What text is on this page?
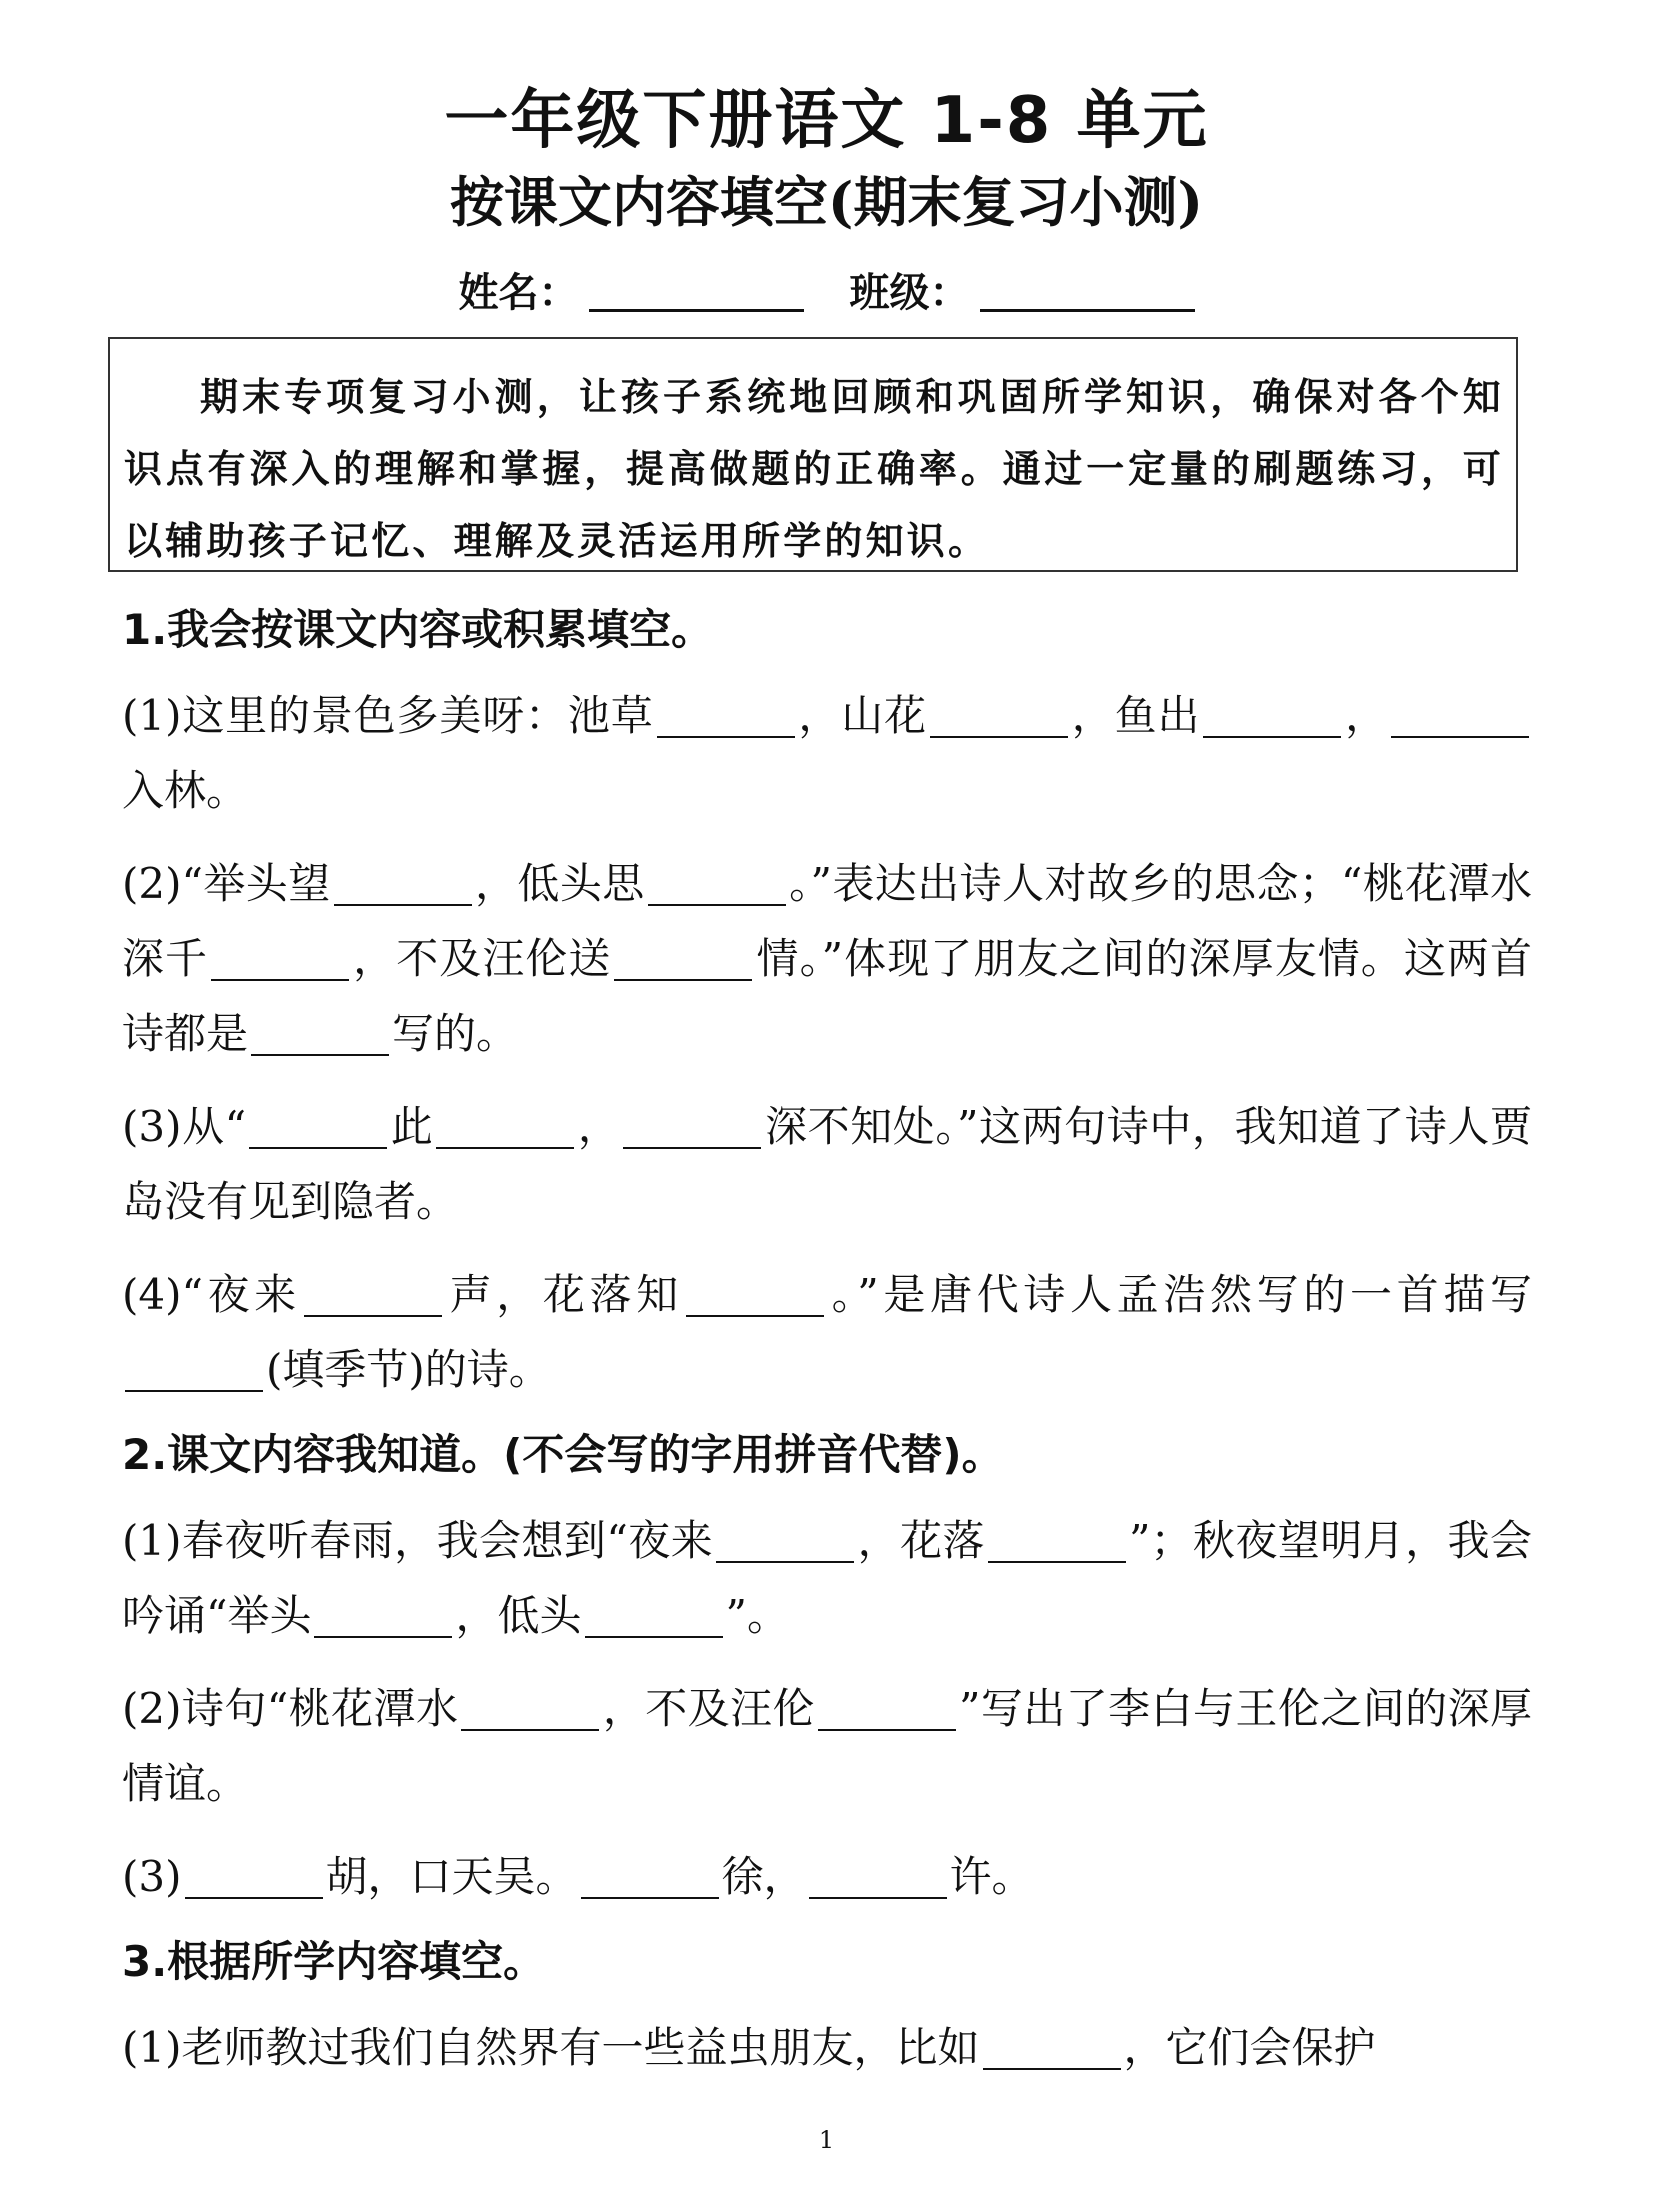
一年级下册语文 1-8 单元
按课文内容填空(期末复习小测)
姓名：	班级：
期末专项复习小测，让孩子系统地回顾和巩固所学知识，确保对各个知识点有深入的理解和掌握，提高做题的正确率。通过一定量的刷题练习，可以辅助孩子记忆、理解及灵活运用所学的知识。
1.我会按课文内容或积累填空。
(1)这里的景色多美呀：池草	，山花	，鱼出	，入林。
(2)“举头望	，低头思	。”表达出诗人对故乡的思念；“桃花潭水深千	，不及汪伦送	情。”体现了朋友之间的深厚友情。这两首诗都是	写的。
(3)从“	此	，	深不知处。”这两句诗中，我知道了诗人贾岛没有见到隐者。
(4)“夜来	声，花落知	。”是唐代诗人孟浩然写的一首描写(填季节)的诗。
2.课文内容我知道。(不会写的字用拼音代替)。
(1)春夜听春雨，我会想到“夜来	，花落	”；秋夜望明月，我会吟诵“举头	，低头	”。
(2)诗句“桃花潭水	，不及汪伦	”写出了李白与王伦之间的深厚情谊。
(3)	胡，口天吴。	徐，	许。
3.根据所学内容填空。
(1)老师教过我们自然界有一些益虫朋友，比如	，它们会保护
1
